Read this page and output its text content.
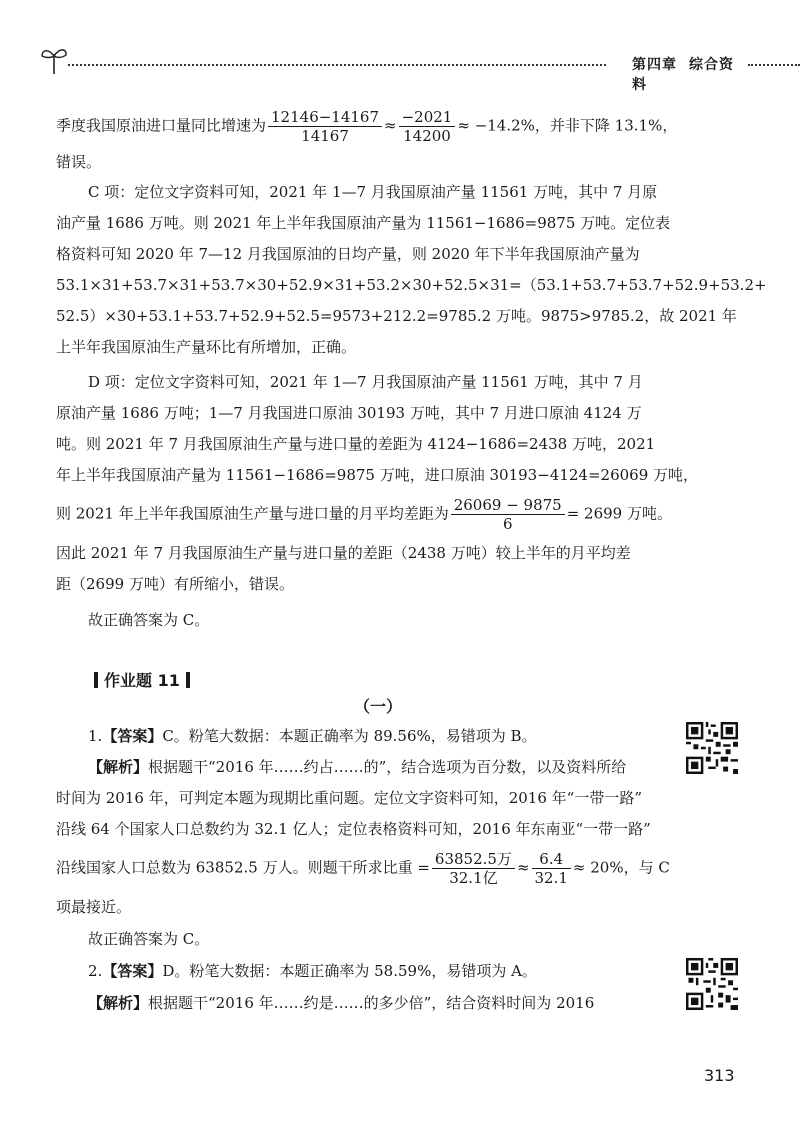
第四章 综合资料
季度我国原油进口量同比增速为 $\frac{12146-14167}{14167} \approx \frac{-2021}{14200} \approx -14.2\%$，并非下降 13.1%，
错误。
C 项：定位文字资料可知，2021 年 1—7 月我国原油产量 11561 万吨，其中 7 月原
油产量 1686 万吨。则 2021 年上半年我国原油产量为 11561−1686=9875 万吨。定位表
格资料可知 2020 年 7—12 月我国原油的日均产量，则 2020 年下半年我国原油产量为
53.1×31+53.7×31+53.7×30+52.9×31+53.2×30+52.5×31=（53.1+53.7+53.7+52.9+53.2+
52.5）×30+53.1+53.7+52.9+52.5=9573+212.2=9785.2 万吨。9875>9785.2，故 2021 年
上半年我国原油生产量环比有所增加，正确。
D 项：定位文字资料可知，2021 年 1—7 月我国原油产量 11561 万吨，其中 7 月
原油产量 1686 万吨；1—7 月我国进口原油 30193 万吨，其中 7 月进口原油 4124 万
吨。则 2021 年 7 月我国原油生产量与进口量的差距为 4124−1686=2438 万吨，2021
年上半年我国原油产量为 11561−1686=9875 万吨，进口原油 30193−4124=26069 万吨，
则 2021 年上半年我国原油生产量与进口量的月平均差距为 $\frac{26069 - 9875}{6} = 2699$ 万吨。
因此 2021 年 7 月我国原油生产量与进口量的差距（2438 万吨）较上半年的月平均差
距（2699 万吨）有所缩小，错误。
故正确答案为 C。
作业题 11
（一）
1.【答案】C。粉笔大数据：本题正确率为 89.56%，易错项为 B。
【解析】根据题干“2016 年……约占……的”，结合选项为百分数，以及资料所给
时间为 2016 年，可判定本题为现期比重问题。定位文字资料可知，2016 年“一带一路”
沿线 64 个国家人口总数约为 32.1 亿人；定位表格资料可知，2016 年东南亚“一带一路”
沿线国家人口总数为 63852.5 万人。则题干所求比重 = $\frac{\text{63852.5万}}{\text{32.1亿}} \approx \frac{6.4}{32.1} \approx 20\%$，与 C
项最接近。
故正确答案为 C。
2.【答案】D。粉笔大数据：本题正确率为 58.59%，易错项为 A。
【解析】根据题干“2016 年……约是……的多少倍”，结合资料时间为 2016
313
